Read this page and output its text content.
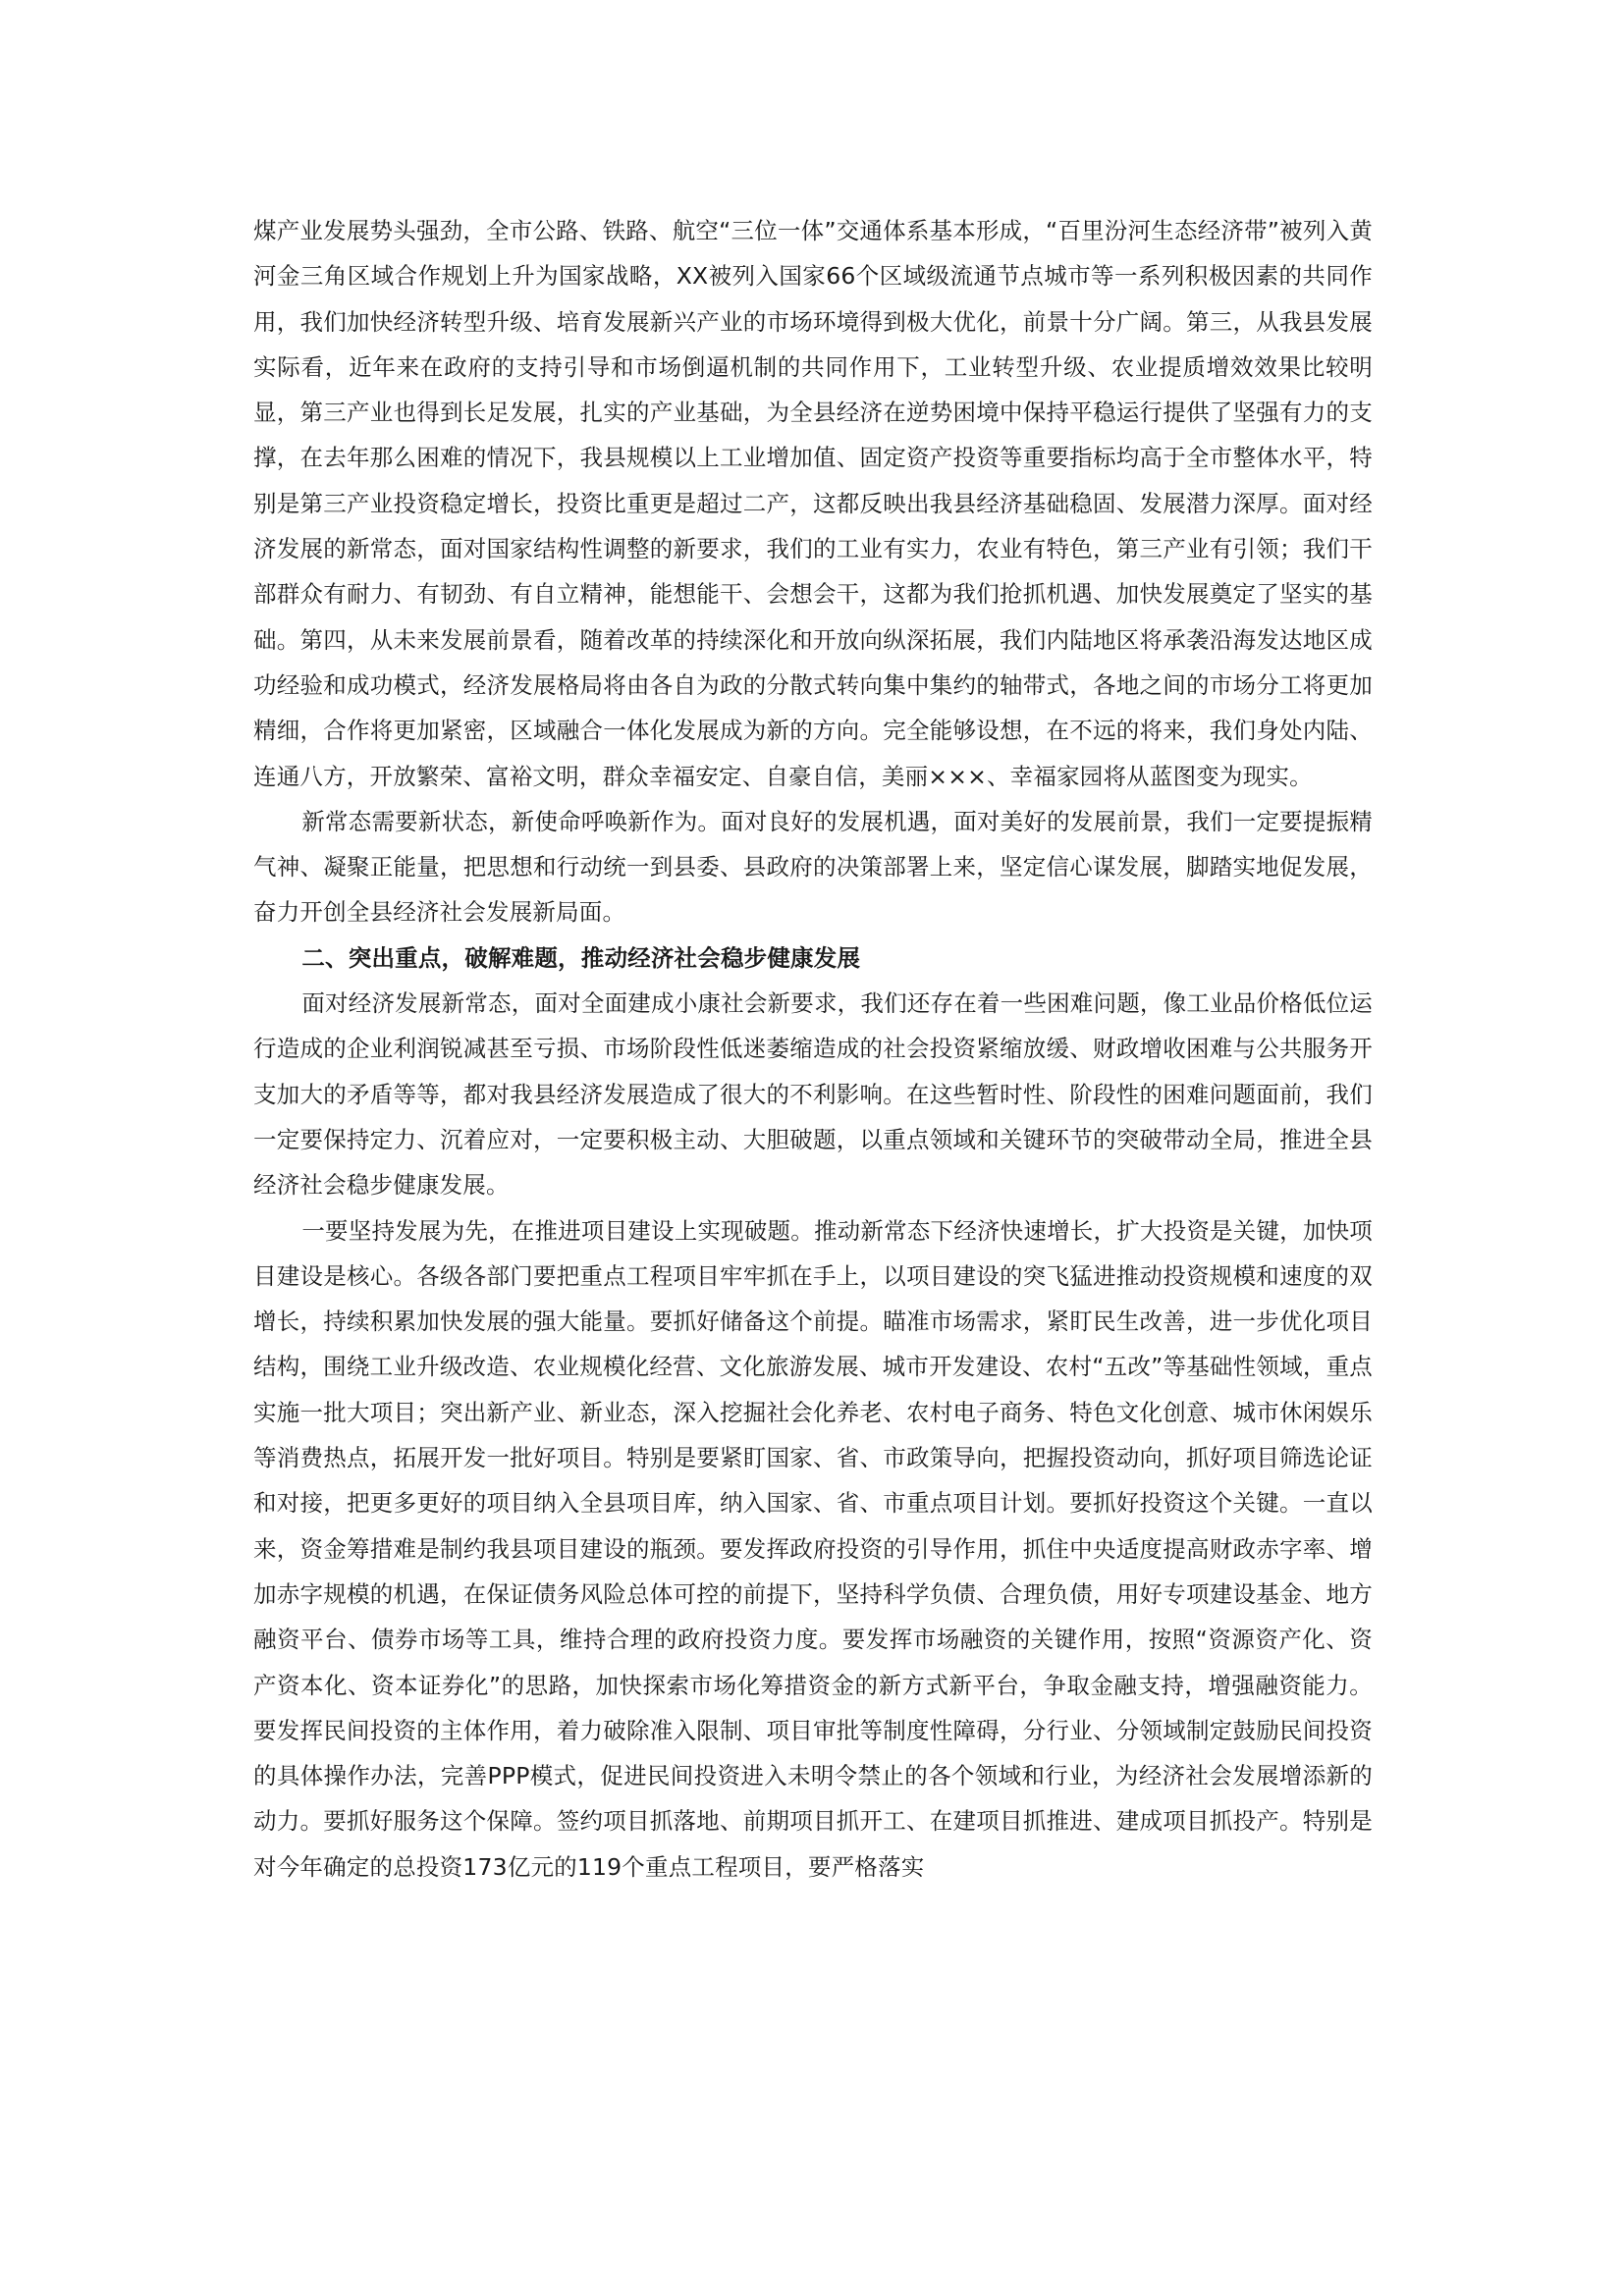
煤产业发展势头强劲，全市公路、铁路、航空“三位一体”交通体系基本形成，“百里汾河生态经济带”被列入黄河金三角区域合作规划上升为国家战略，XX被列入国家66个区域级流通节点城市等一系列积极因素的共同作用，我们加快经济转型升级、培育发展新兴产业的市场环境得到极大优化，前景十分广阔。第三，从我县发展实际看，近年来在政府的支持引导和市场倒逼机制的共同作用下，工业转型升级、农业提质增效效果比较明显，第三产业也得到长足发展，扎实的产业基础，为全县经济在逆势困境中保持平稳运行提供了坚强有力的支撑，在去年那么困难的情况下，我县规模以上工业增加值、固定资产投资等重要指标均高于全市整体水平，特别是第三产业投资稳定增长，投资比重更是超过二产，这都反映出我县经济基础稳固、发展潜力深厚。面对经济发展的新常态，面对国家结构性调整的新要求，我们的工业有实力，农业有特色，第三产业有引领；我们干部群众有耐力、有韧劲、有自立精神，能想能干、会想会干，这都为我们抢抓机遇、加快发展奠定了坚实的基础。第四，从未来发展前景看，随着改革的持续深化和开放向纵深拓展，我们内陆地区将承袭沿海发达地区成功经验和成功模式，经济发展格局将由各自为政的分散式转向集中集约的轴带式，各地之间的市场分工将更加精细，合作将更加紧密，区域融合一体化发展成为新的方向。完全能够设想，在不远的将来，我们身处内陆、连通八方，开放繁荣、富裕文明，群众幸福安定、自豪自信，美丽×××、幸福家园将从蓝图变为现实。

新常态需要新状态，新使命呼唤新作为。面对良好的发展机遇，面对美好的发展前景，我们一定要提振精气神、凝聚正能量，把思想和行动统一到县委、县政府的决策部署上来，坚定信心谋发展，脚踏实地促发展，奋力开创全县经济社会发展新局面。

二、突出重点，破解难题，推动经济社会稳步健康发展

面对经济发展新常态，面对全面建成小康社会新要求，我们还存在着一些困难问题，像工业品价格低位运行造成的企业利润锐减甚至亏损、市场阶段性低迷萎缩造成的社会投资紧缩放缓、财政增收困难与公共服务开支加大的矛盾等等，都对我县经济发展造成了很大的不利影响。在这些暂时性、阶段性的困难问题面前，我们一定要保持定力、沉着应对，一定要积极主动、大胆破题，以重点领域和关键环节的突破带动全局，推进全县经济社会稳步健康发展。

一要坚持发展为先，在推进项目建设上实现破题。推动新常态下经济快速增长，扩大投资是关键，加快项目建设是核心。各级各部门要把重点工程项目牢牢抓在手上，以项目建设的突飞猛进推动投资规模和速度的双增长，持续积累加快发展的强大能量。要抓好储备这个前提。瞄准市场需求，紧盯民生改善，进一步优化项目结构，围绕工业升级改造、农业规模化经营、文化旅游发展、城市开发建设、农村“五改”等基础性领域，重点实施一批大项目；突出新产业、新业态，深入挖掘社会化养老、农村电子商务、特色文化创意、城市休闲娱乐等消费热点，拓展开发一批好项目。特别是要紧盯国家、省、市政策导向，把握投资动向，抓好项目筛选论证和对接，把更多更好的项目纳入全县项目库，纳入国家、省、市重点项目计划。要抓好投资这个关键。一直以来，资金筹措难是制约我县项目建设的瓶颈。要发挥政府投资的引导作用，抓住中央适度提高财政赤字率、增加赤字规模的机遇，在保证债务风险总体可控的前提下，坚持科学负债、合理负债，用好专项建设基金、地方融资平台、债券市场等工具，维持合理的政府投资力度。要发挥市场融资的关键作用，按照“资源资产化、资产资本化、资本证券化”的思路，加快探索市场化筹措资金的新方式新平台，争取金融支持，增强融资能力。要发挥民间投资的主体作用，着力破除准入限制、项目审批等制度性障碍，分行业、分领域制定鼓励民间投资的具体操作办法，完善PPP模式，促进民间投资进入未明令禁止的各个领域和行业，为经济社会发展增添新的动力。要抓好服务这个保障。签约项目抓落地、前期项目抓开工、在建项目抓推进、建成项目抓投产。特别是对今年确定的总投资173亿元的119个重点工程项目，要严格落实
